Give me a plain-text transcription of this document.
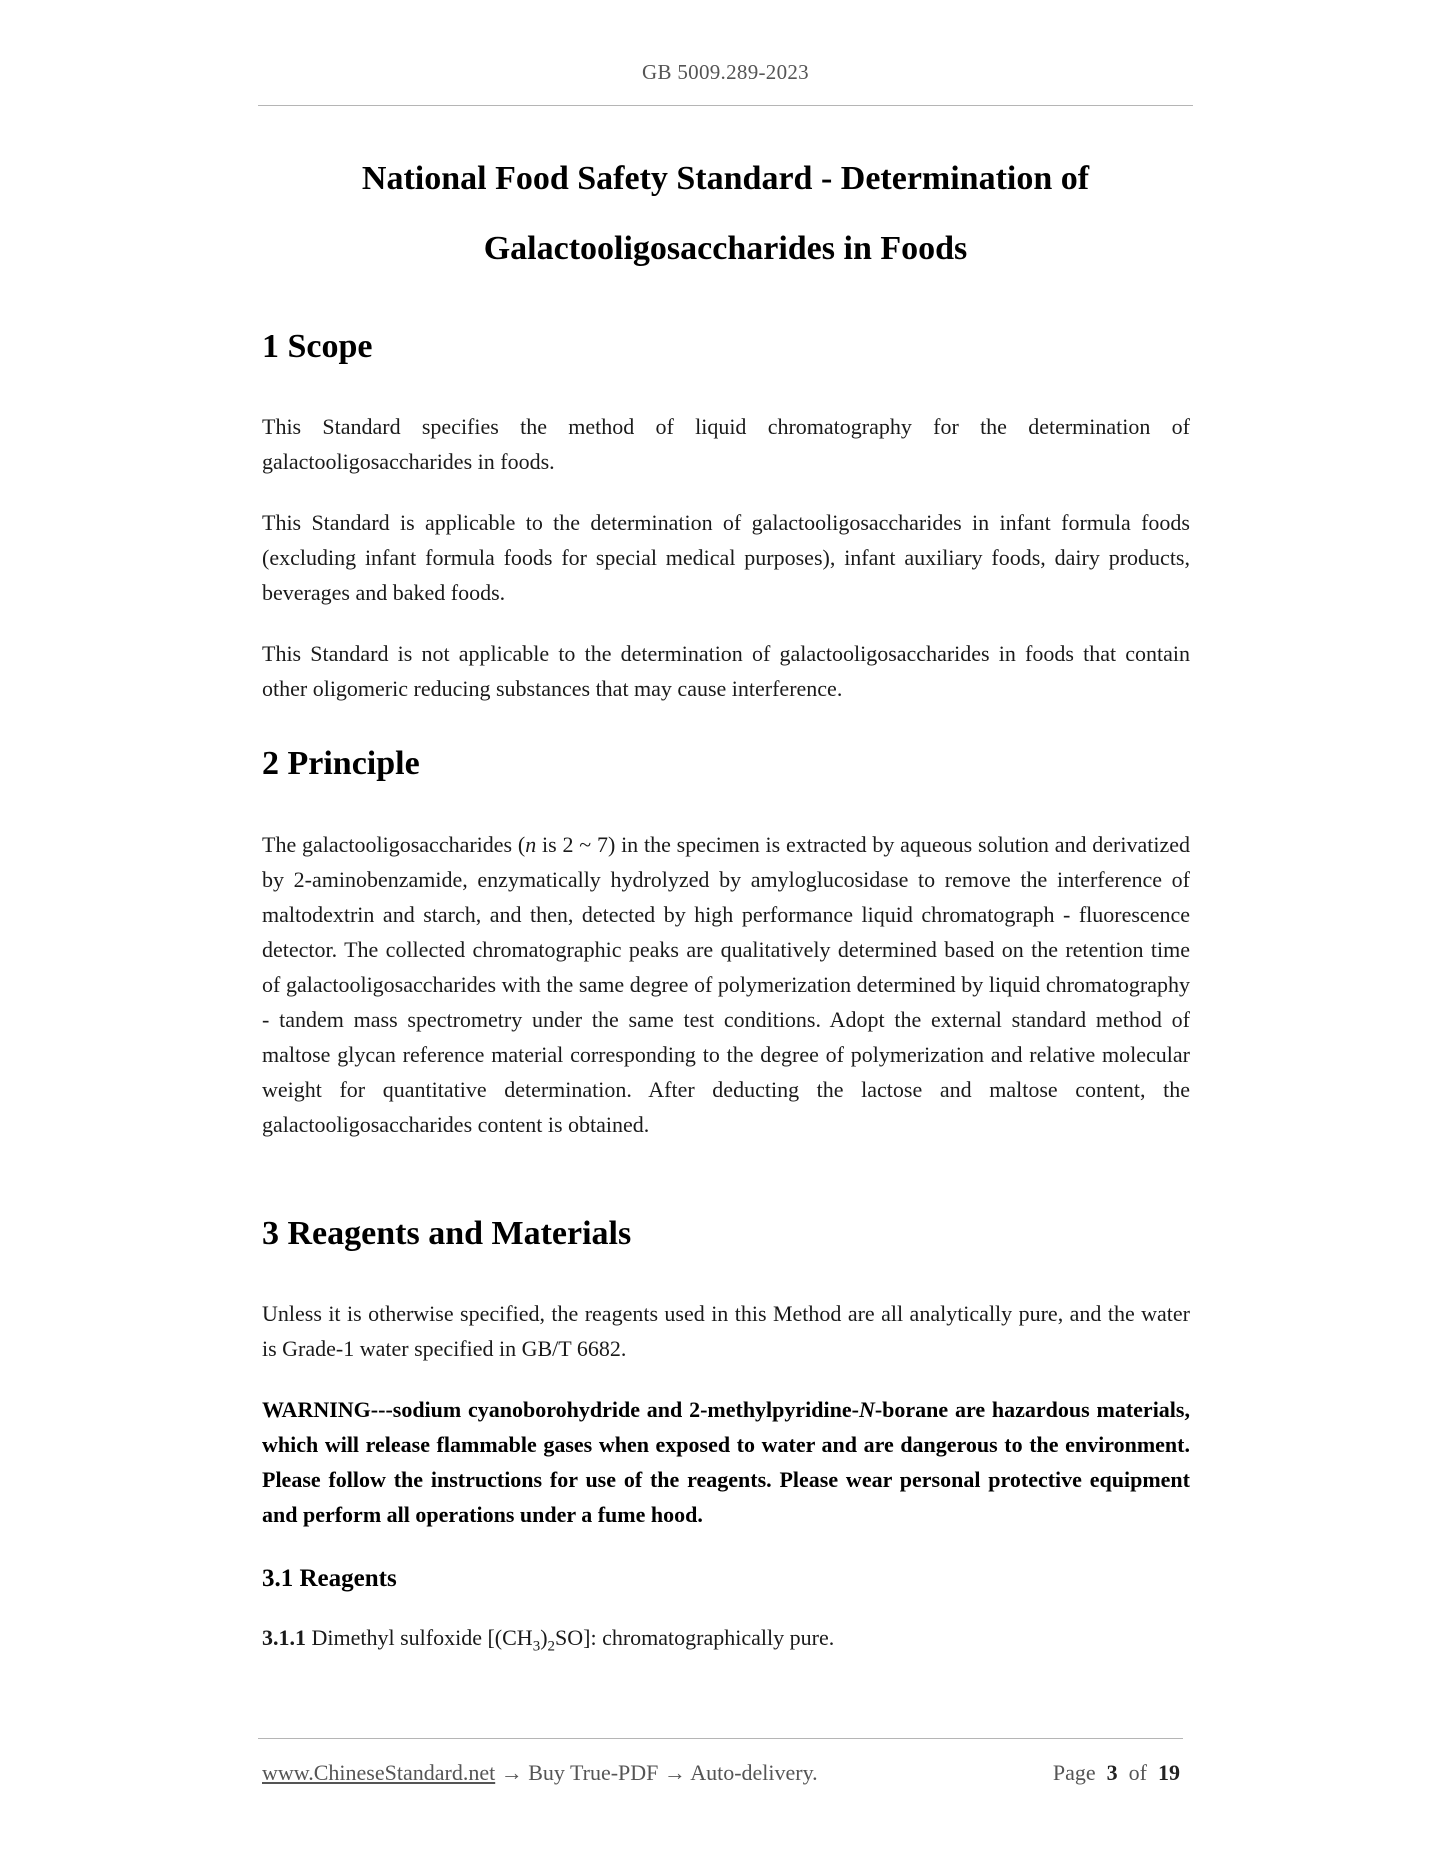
GB 5009.289-2023
National Food Safety Standard - Determination of
Galactooligosaccharides in Foods
1 Scope
This Standard specifies the method of liquid chromatography for the determination of galactooligosaccharides in foods.
This Standard is applicable to the determination of galactooligosaccharides in infant formula foods (excluding infant formula foods for special medical purposes), infant auxiliary foods, dairy products, beverages and baked foods.
This Standard is not applicable to the determination of galactooligosaccharides in foods that contain other oligomeric reducing substances that may cause interference.
2 Principle
The galactooligosaccharides (n is 2 ~ 7) in the specimen is extracted by aqueous solution and derivatized by 2-aminobenzamide, enzymatically hydrolyzed by amyloglucosidase to remove the interference of maltodextrin and starch, and then, detected by high performance liquid chromatograph - fluorescence detector. The collected chromatographic peaks are qualitatively determined based on the retention time of galactooligosaccharides with the same degree of polymerization determined by liquid chromatography - tandem mass spectrometry under the same test conditions. Adopt the external standard method of maltose glycan reference material corresponding to the degree of polymerization and relative molecular weight for quantitative determination. After deducting the lactose and maltose content, the galactooligosaccharides content is obtained.
3 Reagents and Materials
Unless it is otherwise specified, the reagents used in this Method are all analytically pure, and the water is Grade-1 water specified in GB/T 6682.
WARNING---sodium cyanoborohydride and 2-methylpyridine-N-borane are hazardous materials, which will release flammable gases when exposed to water and are dangerous to the environment. Please follow the instructions for use of the reagents. Please wear personal protective equipment and perform all operations under a fume hood.
3.1 Reagents
3.1.1 Dimethyl sulfoxide $[(CH_3)_2SO]$: chromatographically pure.
www.ChineseStandard.net → Buy True-PDF → Auto-delivery.	Page 3 of 19
